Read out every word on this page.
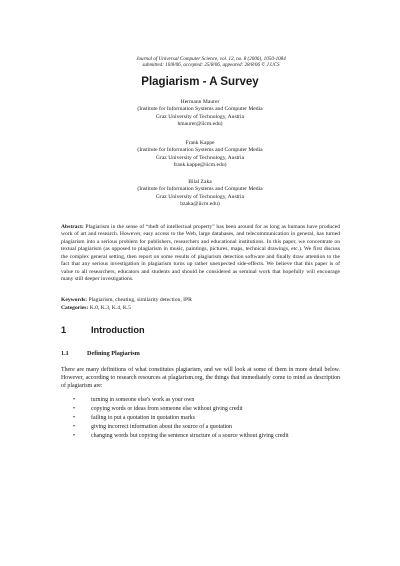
Journal of Universal Computer Science, vol. 12, no. 8 (2006), 1050-1084
submitted: 10/8/06, accepted: 25/8/06, appeared: 28/8/06 © J.UCS
Plagiarism - A Survey
Hermann Maurer
(Institute for Information Systems and Computer Media
Graz University of Technology, Austria
hmaurer@iicm.edu)
Frank Kappe
(Institute for Information Systems and Computer Media
Graz University of Technology, Austria
frank.kappe@iicm.edu)
Bilal Zaka
(Institute for Information Systems and Computer Media
Graz University of Technology, Austria
bzaka@iicm.edu)
Abstract: Plagiarism in the sense of “theft of intellectual property” has been around for as long as humans have produced work of art and research. However, easy access to the Web, large databases, and telecommunication in general, has turned plagiarism into a serious problem for publishers, researchers and educational institutions. In this paper, we concentrate on textual plagiarism (as opposed to plagiarism in music, paintings, pictures, maps, technical drawings, etc.). We first discuss the complex general setting, then report on some results of plagiarism detection software and finally draw attention to the fact that any serious investigation in plagiarism turns up rather unexpected side-effects. We believe that this paper is of value to all researchers, educators and students and should be considered as seminal work that hopefully will encourage many still deeper investigations.
Keywords: Plagiarism, cheating, similarity detection, IPR
Categories: K.0, K.3, K.4, K.5
1	Introduction
1.1	Defining Plagiarism
There are many definitions of what constitutes plagiarism, and we will look at some of them in more detail below. However, according to research resources at plagiarism.org, the things that immediately come to mind as description of plagiarism are:
•	turning in someone else's work as your own
•	copying words or ideas from someone else without giving credit
•	failing to put a quotation in quotation marks
•	giving incorrect information about the source of a quotation
•	changing words but copying the sentence structure of a source without giving credit
